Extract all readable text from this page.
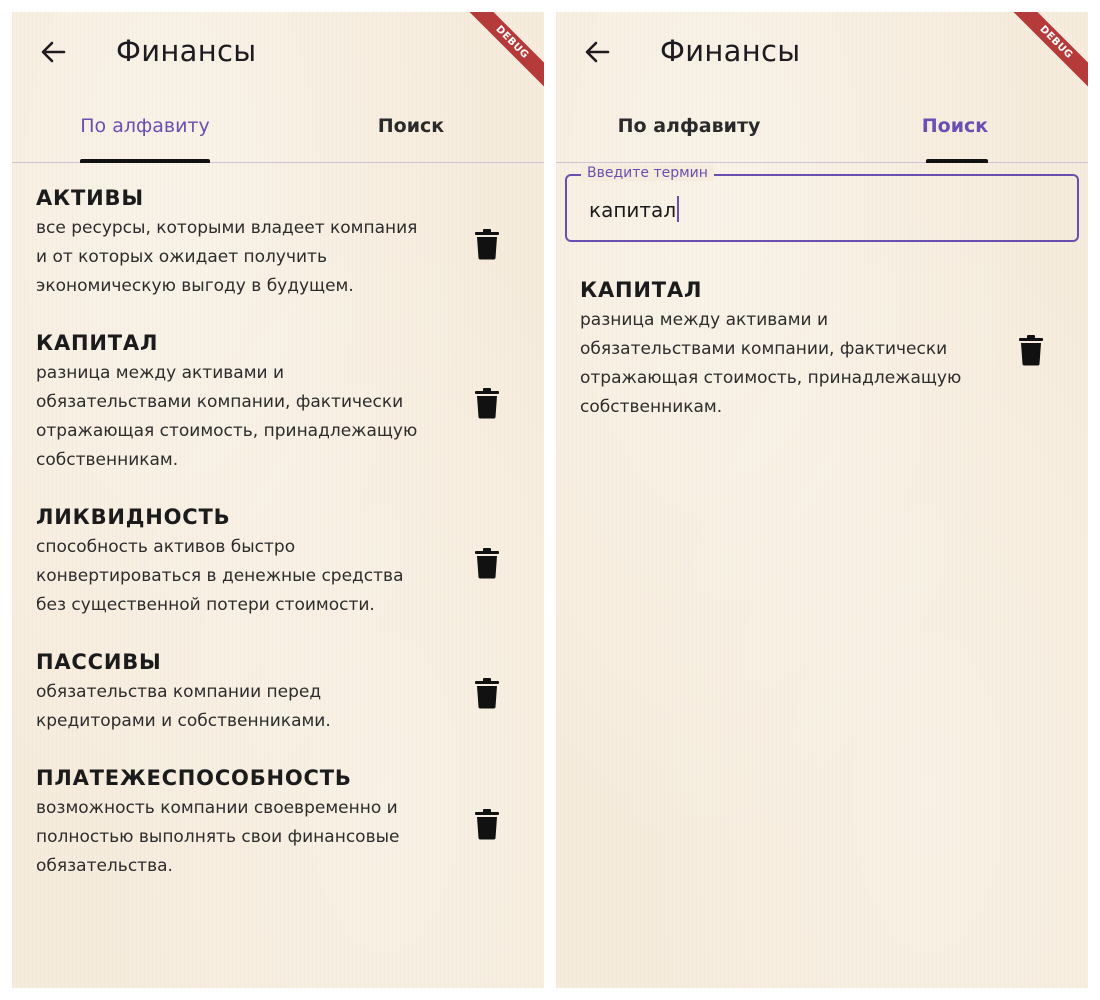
Финансы	DEBUG
По алфавиту	Поиск
АКТИВЫ
все ресурсы, которыми владеет компания и от которых ожидает получить экономическую выгоду в будущем.
КАПИТАЛ
разница между активами и обязательствами компании, фактически отражающая стоимость, принадлежащую собственникам.
ЛИКВИДНОСТЬ
способность активов быстро конвертироваться в денежные средства без существенной потери стоимости.
ПАССИВЫ
обязательства компании перед кредиторами и собственниками.
ПЛАТЕЖЕСПОСОБНОСТЬ
возможность компании своевременно и полностью выполнять свои финансовые обязательства.
Финансы	DEBUG
По алфавиту	Поиск
Введите термин
капитал
КАПИТАЛ
разница между активами и обязательствами компании, фактически отражающая стоимость, принадлежащую собственникам.
